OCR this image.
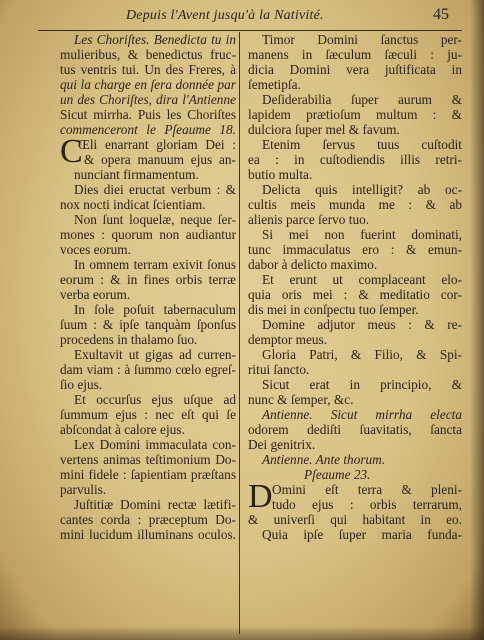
Depuis l'Avent jusqu'à la Nativité.	45
Les Choriſtes. Benedicta tu in
mulieribus, & benedictus fruc-
tus ventris tui. Un des Freres, à
qui la charge en ſera donnée par
un des Choriſtes, dira l'Antienne
Sicut mirrha. Puis les Choriſtes
commenceront le Pſeaume 18.
C
Œli enarrant gloriam Dei :
& opera manuum ejus an-
nunciant firmamentum.
Dies diei eructat verbum : &
nox nocti indicat ſcientiam.
Non ſunt loquelæ, neque ſer-
mones : quorum non audiantur
voces eorum.
In omnem terram exivit ſonus
eorum : & in fines orbis terræ
verba eorum.
In ſole poſuit tabernaculum
ſuum : & ipſe tanquàm ſponſus
procedens in thalamo ſuo.
Exultavit ut gigas ad curren-
dam viam : à ſummo cœlo egreſ-
ſio ejus.
Et occurſus ejus uſque ad
ſummum ejus : nec eſt qui ſe
abſcondat à calore ejus.
Lex Domini immaculata con-
vertens animas teſtimonium Do-
mini fidele : ſapientiam præſtans
parvulis.
Juſtitiæ Domini rectæ lætifi-
cantes corda : præceptum Do-
mini lucidum illuminans oculos.
Timor Domini ſanctus per-
manens in ſæculum ſæculi : ju-
dicia Domini vera juſtificata in
ſemetipſa.
Deſiderabilia ſuper aurum &
lapidem prætioſum multum : &
dulciora ſuper mel & favum.
Etenim ſervus tuus cuſtodit
ea : in cuſtodiendis illis retri-
butio multa.
Delicta quis intelligit? ab oc-
cultis meis munda me : & ab
alienis parce ſervo tuo.
Si mei non fuerint dominati,
tunc immaculatus ero : & emun-
dabor à delicto maximo.
Et erunt ut complaceant elo-
quia oris mei : & meditatio cor-
dis mei in conſpectu tuo ſemper.
Domine adjutor meus : & re-
demptor meus.
Gloria Patri, & Filio, & Spi-
ritui ſancto.
Sicut erat in principio, &
nunc & ſemper, &c.
Antienne. Sicut mirrha electa
odorem dediſti ſuavitatis, ſancta
Dei genitrix.
Antienne. Ante thorum.
Pſeaume 23.
D Omini eſt terra & pleni-
tudo ejus : orbis terrarum,
& univerſi qui habitant in eo.
Quia ipſe ſuper maria funda-
